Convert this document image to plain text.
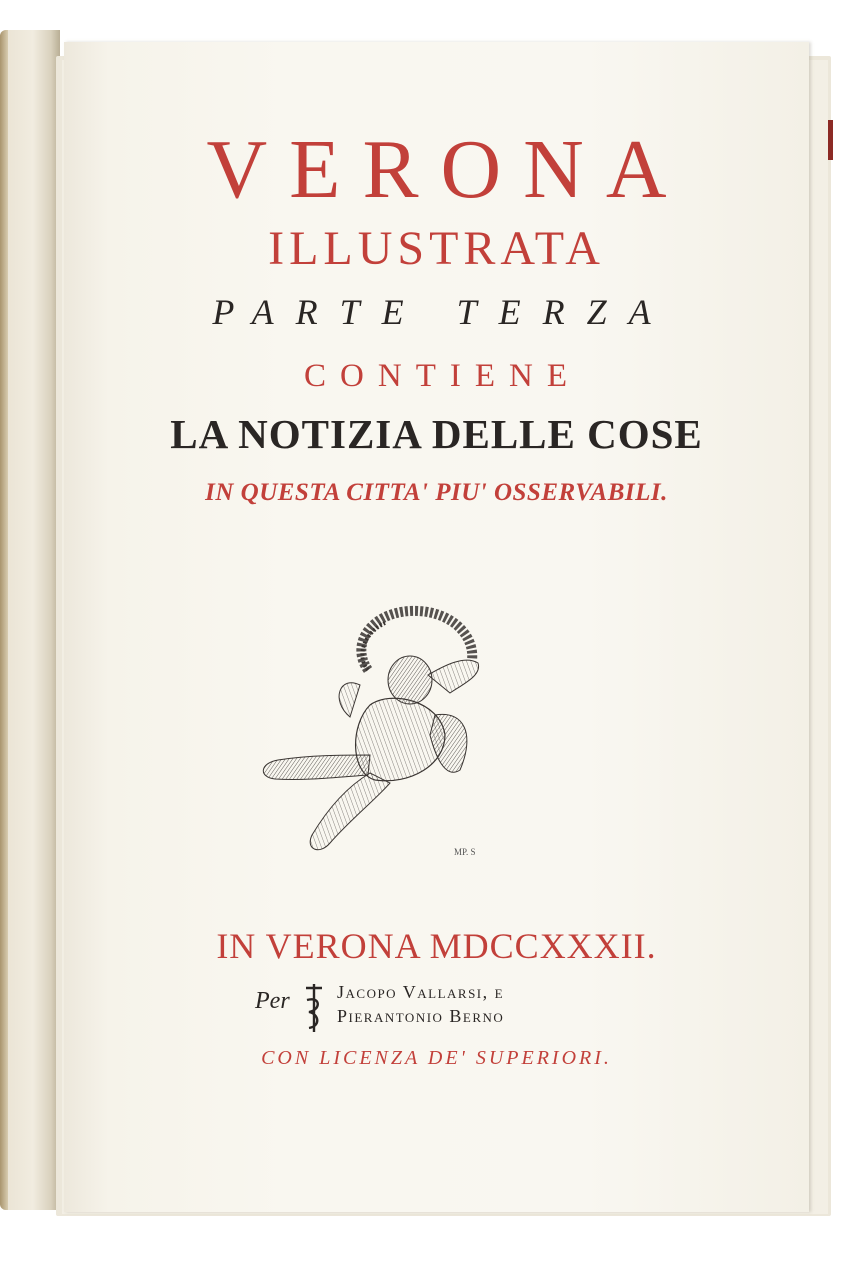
VERONA

ILLUSTRATA

PARTE TERZA

CONTIENE

LA NOTIZIA DELLE COSE

IN QUESTA CITTA' PIU' OSSERVABILI.

MP. S
IN VERONA MDCCXXXII.
Per	Jacopo Vallarsi, e
Pierantonio Berno
CON LICENZA DE' SUPERIORI.
